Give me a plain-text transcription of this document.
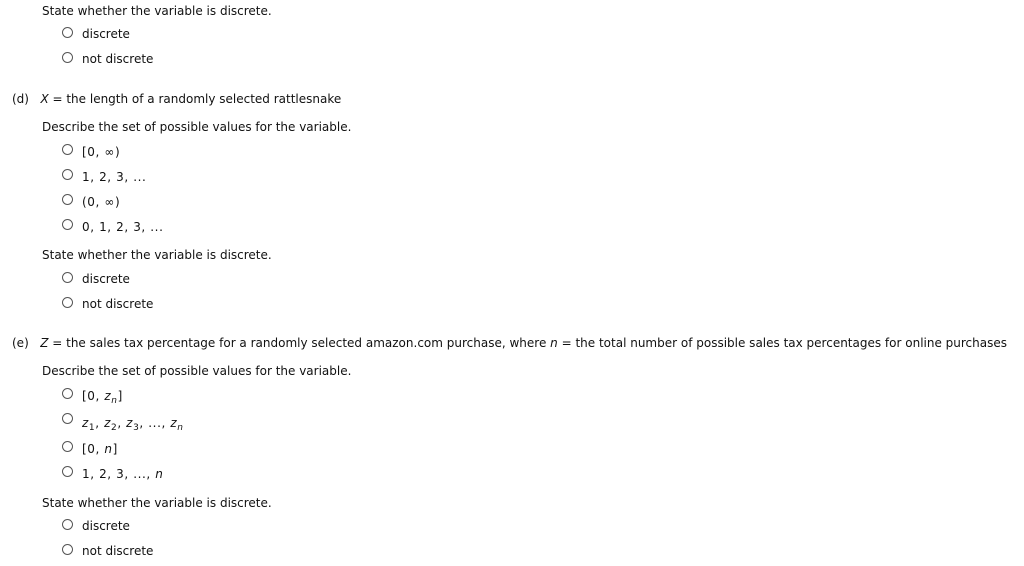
State whether the variable is discrete.
discrete
not discrete
(d) X = the length of a randomly selected rattlesnake
Describe the set of possible values for the variable.
[0, ∞)
1, 2, 3, ...
(0, ∞)
0, 1, 2, 3, ...
State whether the variable is discrete.
discrete
not discrete
(e) Z = the sales tax percentage for a randomly selected amazon.com purchase, where n = the total number of possible sales tax percentages for online purchases
Describe the set of possible values for the variable.
[0, $z_n$]
$z_1$, $z_2$, $z_3$, ..., $z_n$
[0, n]
1, 2, 3, ..., n
State whether the variable is discrete.
discrete
not discrete
